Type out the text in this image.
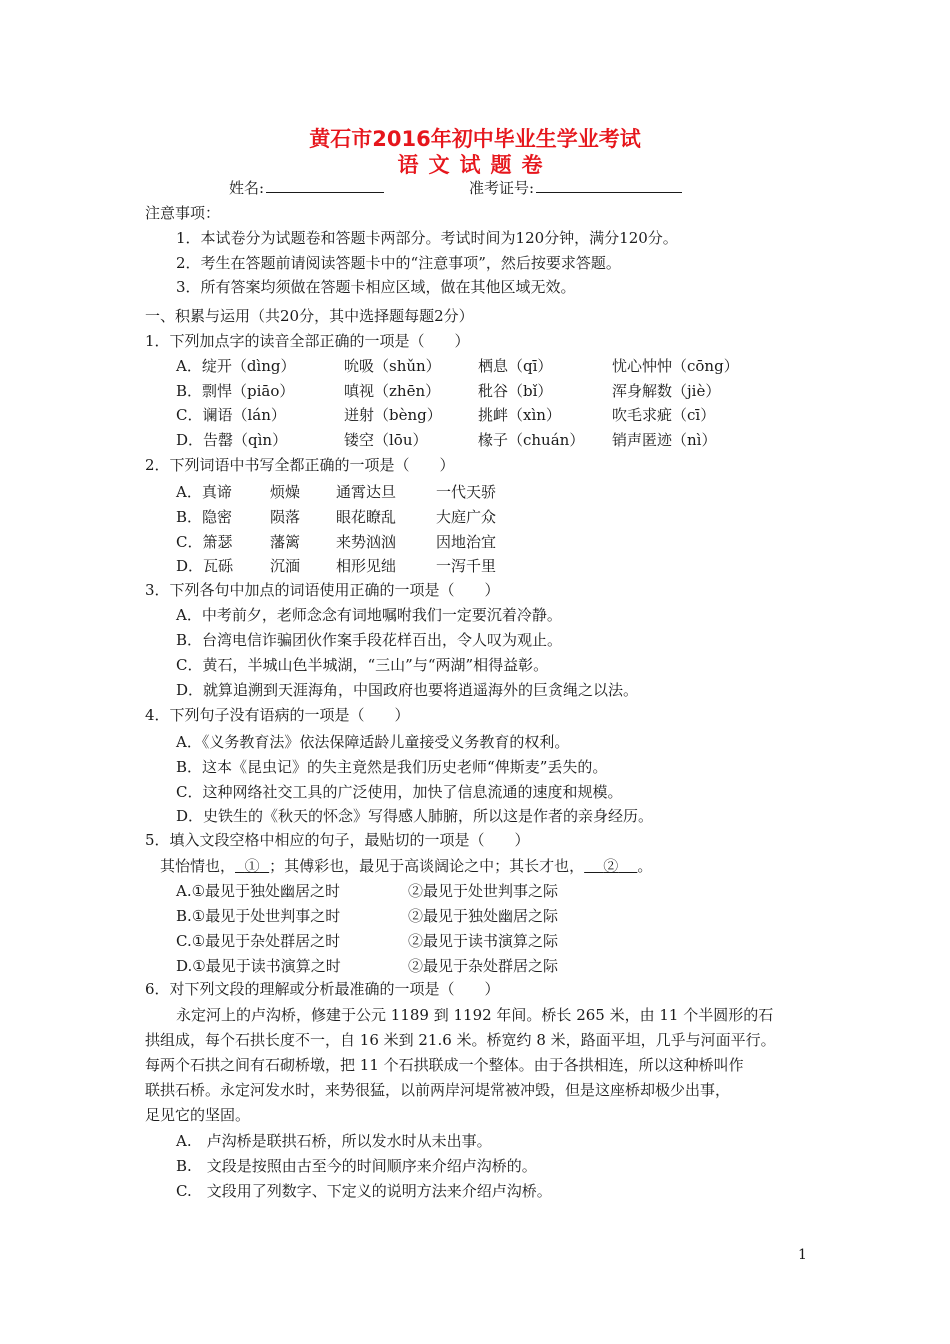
黄石市2016年初中毕业生学业考试
语文试题卷
姓名:	准考证号:
注意事项：
1．本试卷分为试题卷和答题卡两部分。考试时间为120分钟，满分120分。
2．考生在答题前请阅读答题卡中的“注意事项”，然后按要求答题。
3．所有答案均须做在答题卡相应区域，做在其他区域无效。
一、积累与运用（共20分，其中选择题每题2分）
1．下列加点字的读音全部正确的一项是（　　）
A．绽开（dìng）	吮吸（shǔn） 栖息（qī）	忧心忡忡（cōng）
B．剽悍（piāo）	嗔视（zhēn）	秕谷（bǐ）	浑身解数（jiè）
C．谰语（lán）	迸射（bèng） 挑衅（xìn）	吹毛求疵（cī）
D．告罄（qìn）	镂空（lōu）	椽子（chuán） 销声匿迹（nì）
2．下列词语中书写全都正确的一项是（　　）
A．真谛	烦燥 通霄达旦	一代天骄
B．隐密	陨落 眼花瞭乱	大庭广众
C．箫瑟	藩篱 来势汹汹	因地治宜
D．瓦砾 沉湎 相形见绌	一泻千里
3．下列各句中加点的词语使用正确的一项是（　　）
A．中考前夕，老师念念有词地嘱咐我们一定要沉着冷静。
B．台湾电信诈骗团伙作案手段花样百出，令人叹为观止。
C．黄石，半城山色半城湖，“三山”与“两湖”相得益彰。
D．就算追溯到天涯海角，中国政府也要将逍遥海外的巨贪绳之以法。
4．下列句子没有语病的一项是（　　）
A．《义务教育法》依法保障适龄儿童接受义务教育的权利。
B．这本《昆虫记》的失主竟然是我们历史老师“俾斯麦”丢失的。
C．这种网络社交工具的广泛使用，加快了信息流通的速度和规模。
D．史铁生的《秋天的怀念》写得感人肺腑，所以这是作者的亲身经历。
5．填入文段空格中相应的句子，最贴切的一项是（　　）
其怡情也， ① ；其傅彩也，最见于高谈阔论之中；其长才也， ② 。
A.①最见于独处幽居之时	②最见于处世判事之际
B.①最见于处世判事之时	②最见于独处幽居之际
C.①最见于杂处群居之时	②最见于读书演算之际
D.①最见于读书演算之时	②最见于杂处群居之际
6．对下列文段的理解或分析最准确的一项是（　　）
永定河上的卢沟桥，修建于公元 1189 到 1192 年间。桥长 265 米，由 11 个半圆形的石
拱组成，每个石拱长度不一，自 16 米到 21.6 米。桥宽约 8 米，路面平坦，几乎与河面平行。
每两个石拱之间有石砌桥墩，把 11 个石拱联成一个整体。由于各拱相连，所以这种桥叫作
联拱石桥。永定河发水时，来势很猛，以前两岸河堤常被冲毁，但是这座桥却极少出事，
足见它的坚固。
A.　卢沟桥是联拱石桥，所以发水时从未出事。
B.　文段是按照由古至今的时间顺序来介绍卢沟桥的。
C.　文段用了列数字、下定义的说明方法来介绍卢沟桥。
1
